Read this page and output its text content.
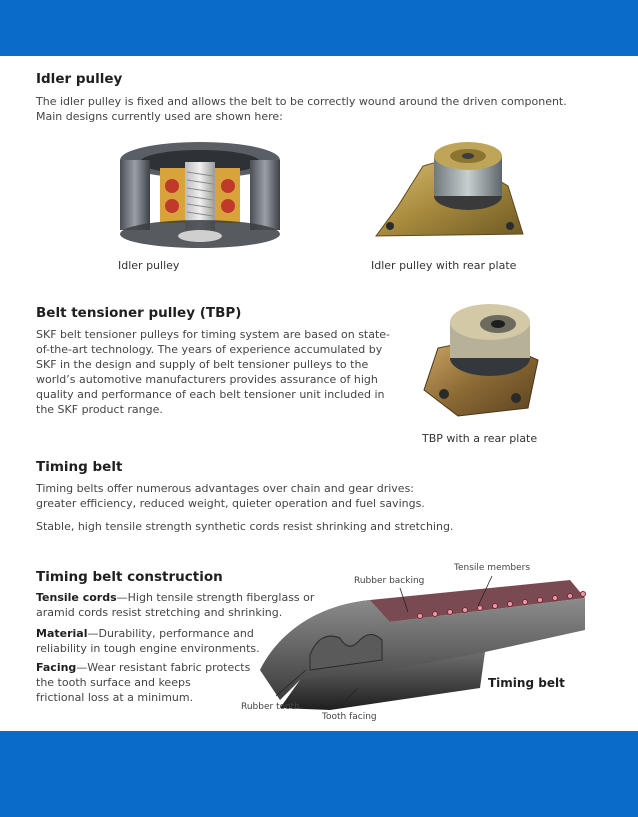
Idler pulley

The idler pulley is fixed and allows the belt to be correctly wound around the driven component.

Main designs currently used are shown here:

Idler pulley	Idler pulley with rear plate
Belt tensioner pulley (TBP)

SKF belt tensioner pulleys for timing system are based on state-

of-the-art technology. The years of experience accumulated by

SKF in the design and supply of belt tensioner pulleys to the

world’s automotive manufacturers provides assurance of high

quality and performance of each belt tensioner unit included in

the SKF product range.

TBP with a rear plate
Timing belt

Timing belts offer numerous advantages over chain and gear drives:

greater efficiency, reduced weight, quieter operation and fuel savings.

Stable, high tensile strength synthetic cords resist shrinking and stretching.

Timing belt construction

Tensile cords—High tensile strength fiberglass or

aramid cords resist stretching and shrinking.

Material—Durability, performance and

reliability in tough engine environments.

Facing—Wear resistant fabric protects

the tooth surface and keeps

frictional loss at a minimum.

Tensile members
Rubber backing
Rubber tooth
Tooth facing
Timing belt
